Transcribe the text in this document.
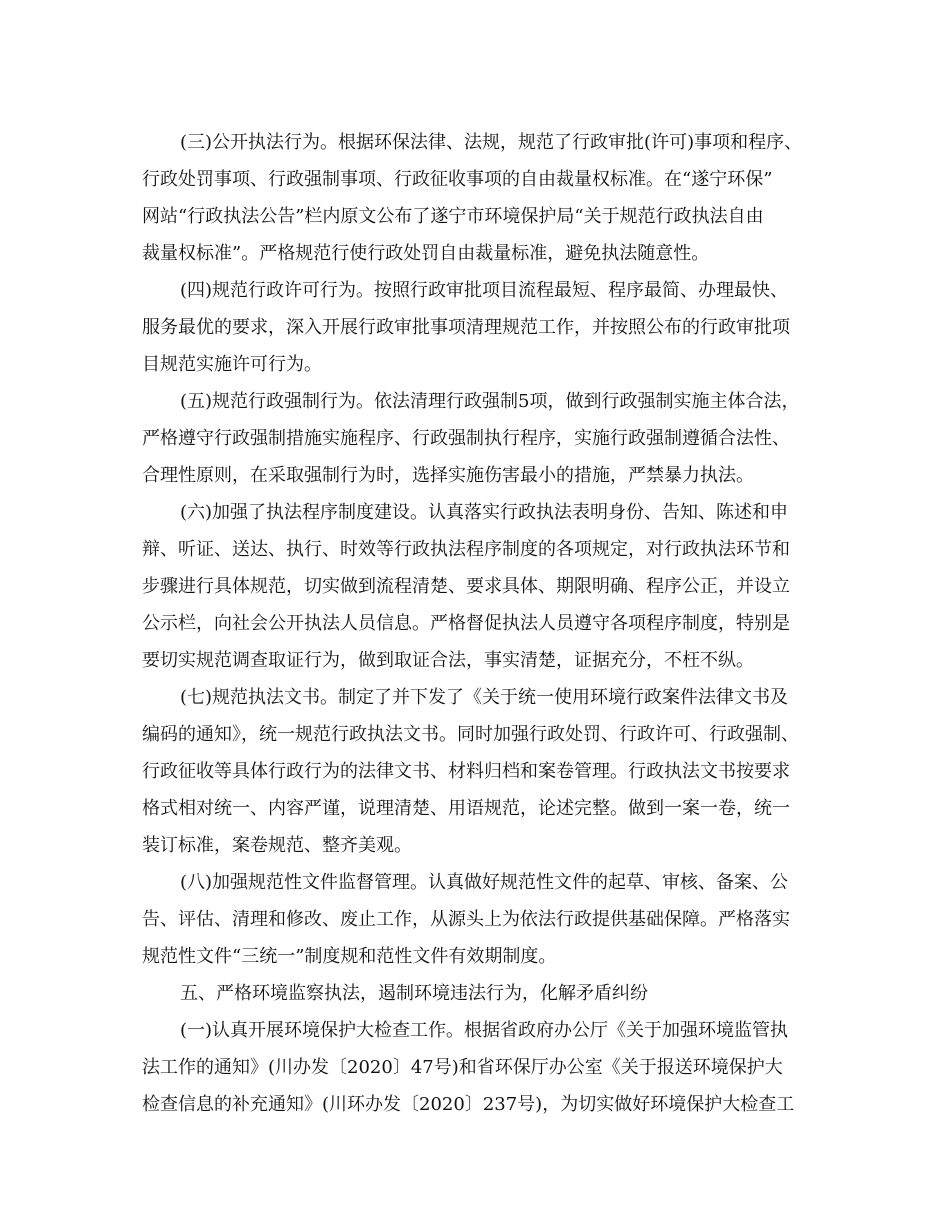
(三)公开执法行为。根据环保法律、法规，规范了行政审批(许可)事项和程序、
行政处罚事项、行政强制事项、行政征收事项的自由裁量权标准。在“遂宁环保”
网站“行政执法公告”栏内原文公布了遂宁市环境保护局“关于规范行政执法自由
裁量权标准”。严格规范行使行政处罚自由裁量标准，避免执法随意性。
(四)规范行政许可行为。按照行政审批项目流程最短、程序最简、办理最快、
服务最优的要求，深入开展行政审批事项清理规范工作，并按照公布的行政审批项
目规范实施许可行为。
(五)规范行政强制行为。依法清理行政强制5项，做到行政强制实施主体合法，
严格遵守行政强制措施实施程序、行政强制执行程序，实施行政强制遵循合法性、
合理性原则，在采取强制行为时，选择实施伤害最小的措施，严禁暴力执法。
(六)加强了执法程序制度建设。认真落实行政执法表明身份、告知、陈述和申
辩、听证、送达、执行、时效等行政执法程序制度的各项规定，对行政执法环节和
步骤进行具体规范，切实做到流程清楚、要求具体、期限明确、程序公正，并设立
公示栏，向社会公开执法人员信息。严格督促执法人员遵守各项程序制度，特别是
要切实规范调查取证行为，做到取证合法，事实清楚，证据充分，不枉不纵。
(七)规范执法文书。制定了并下发了《关于统一使用环境行政案件法律文书及
编码的通知》，统一规范行政执法文书。同时加强行政处罚、行政许可、行政强制、
行政征收等具体行政行为的法律文书、材料归档和案卷管理。行政执法文书按要求
格式相对统一、内容严谨，说理清楚、用语规范，论述完整。做到一案一卷，统一
装订标准，案卷规范、整齐美观。
(八)加强规范性文件监督管理。认真做好规范性文件的起草、审核、备案、公
告、评估、清理和修改、废止工作，从源头上为依法行政提供基础保障。严格落实
规范性文件“三统一”制度规和范性文件有效期制度。
五、严格环境监察执法，遏制环境违法行为，化解矛盾纠纷
(一)认真开展环境保护大检查工作。根据省政府办公厅《关于加强环境监管执
法工作的通知》(川办发〔2020〕47号)和省环保厅办公室《关于报送环境保护大
检查信息的补充通知》(川环办发〔2020〕237号)，为切实做好环境保护大检查工
